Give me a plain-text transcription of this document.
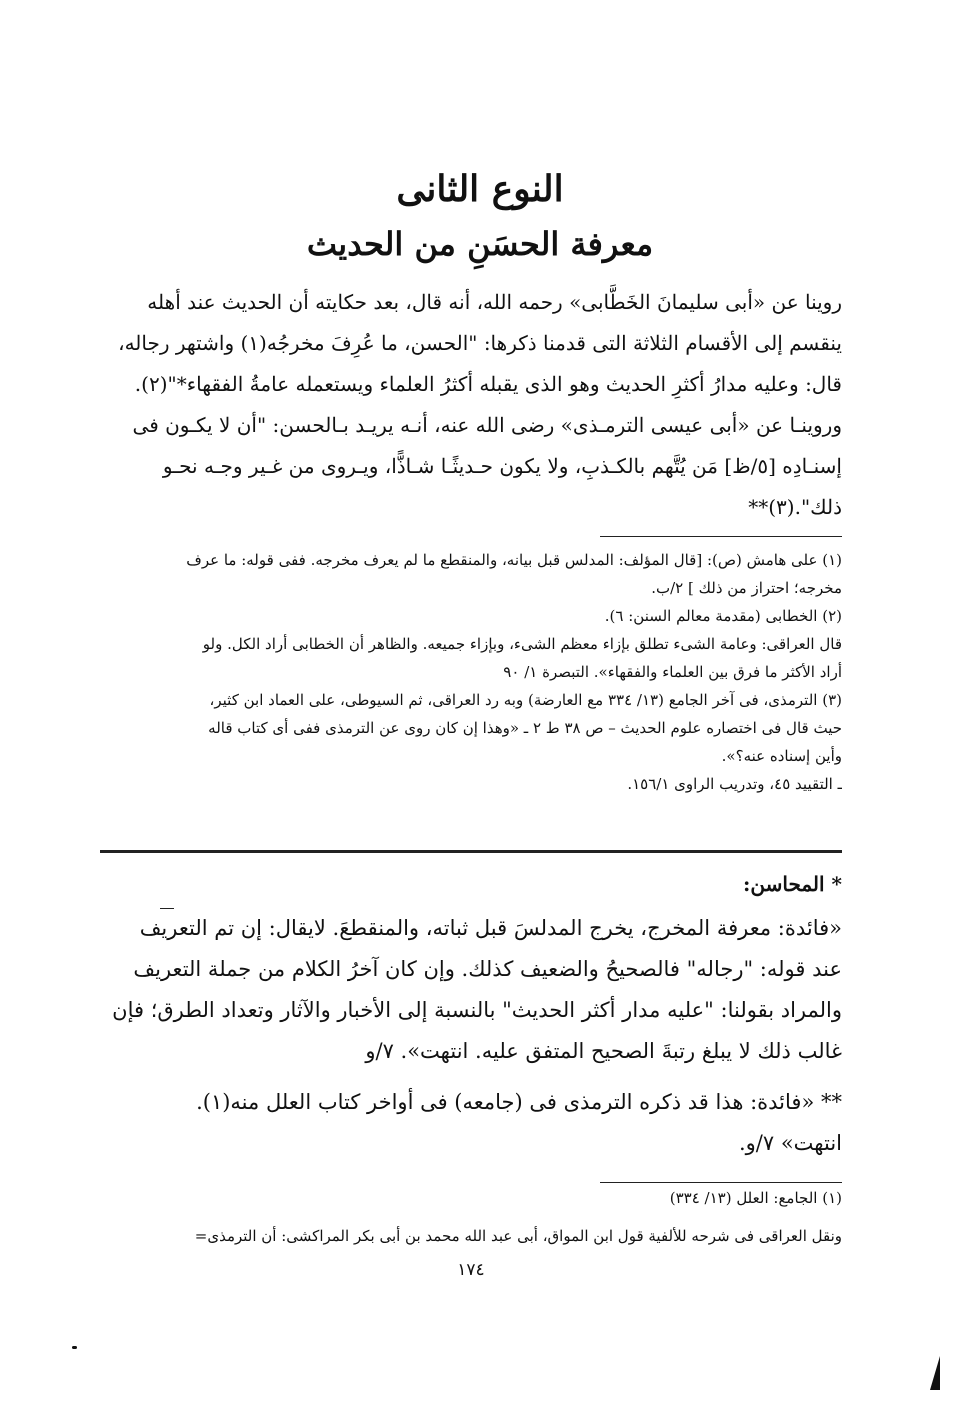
النوع الثانى
معرفة الحسَنِ من الحديث
روينا عن «أبى سليمانَ الخَطَّابى» رحمه الله، أنه قال، بعد حكايته أن الحديث عند أهله
ينقسم إلى الأقسام الثلاثة التى قدمنا ذكرها: "الحسن، ما عُرِفَ مخرجُه(١) واشتهر رجاله،
قال: وعليه مدارُ أكثرِ الحديث وهو الذى يقبله أكثرُ العلماء ويستعمله عامةُ الفقهاء*"(٢).
وروينـا عن «أبى عيسى الترمـذى» رضى الله عنه، أنـه يريـد بـالحسن: "أن لا يكـون فى
إسنـادِه [٥/ظ] مَن يُتَّهم بالكـذبِ، ولا يكون حـديثًـا شـاذًّا، ويـروى من غـير وجـه نحـو
ذلك".(٣)**
(١) على هامش (ص): [قال المؤلف: المدلس قبل بيانه، والمنقطع ما لم يعرف مخرجه. ففى قوله: ما عرف
مخرجه؛ احتراز من ذلك ] ٢/ب.
(٢) الخطابى (مقدمة معالم السنن: ٦).
قال العراقى: وعامة الشىء تطلق بإزاء معظم الشىء، وبإزاء جميعه. والظاهر أن الخطابى أراد الكل. ولو
أراد الأكثر ما فرق بين العلماء والفقهاء». التبصرة ١/ ٩٠
(٣) الترمذى، فى آخر الجامع (١٣/ ٣٣٤ مع العارضة) وبه رد العراقى، ثم السيوطى، على العماد ابن كثير،
حيث قال فى اختصاره علوم الحديث – ص ٣٨ ط ٢ ـ «وهذا إن كان روى عن الترمذى ففى أى كتاب قاله
وأين إسناده عنه؟».
ـ التقييد ٤٥، وتدريب الراوى ١٥٦/١.
* المحاسن:
«فائدة: معرفة المخرج، يخرج المدلسَ قبل ثباته، والمنقطعَ. لايقال: إن تم التعريف
عند قوله: "رجاله" فالصحيحُ والضعيف كذلك. وإن كان آخرُ الكلام من جملة التعريف
والمراد بقولنا: "عليه مدار أكثر الحديث" بالنسبة إلى الأخبار والآثار وتعداد الطرق؛ فإن
غالب ذلك لا يبلغ رتبةَ الصحيح المتفق عليه. انتهت». ٧/و
** «فائدة: هذا قد ذكره الترمذى فى (جامعه) فى أواخر كتاب العلل منه(١).
انتهت» ٧/و.
(١) الجامع: العلل (١٣/ ٣٣٤)
ونقل العراقى فى شرحه للألفية قول ابن المواق، أبى عبد الله محمد بن أبى بكر المراكشى: أن الترمذى=
١٧٤
